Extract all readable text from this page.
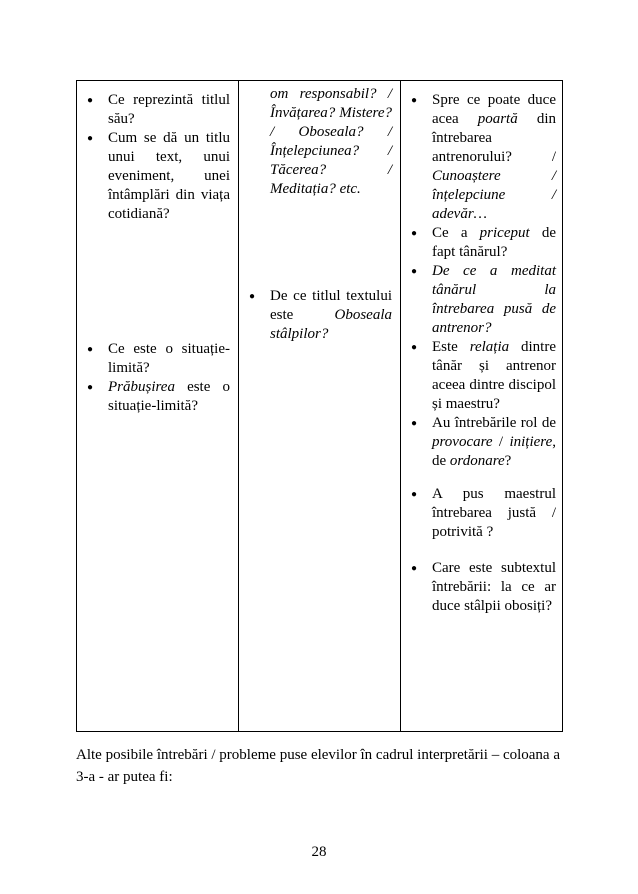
● Ce reprezintă titlul său?
● Cum se dă un titlu unui text, unui eveniment, unei întâmplări din viața cotidiană?
● Ce este o situație-limită?
● Prăbușirea este o situație-limită?
om responsabil? / Învățarea? Mistere? / Oboseala? / Înțelepciunea? / Tăcerea? / Meditația? etc.
● De ce titlul textului este Oboseala stâlpilor?
● Spre ce poate duce acea poartă din întrebarea antrenorului? / Cunoaștere / înțelepciune / adevăr…
● Ce a priceput de fapt tânărul?
● De ce a meditat tânărul la întrebarea pusă de antrenor?
● Este relația dintre tânăr și antrenor aceea dintre discipol și maestru?
● Au întrebările rol de provocare / inițiere, de ordonare?
● A pus maestrul întrebarea justă / potrivită ?
● Care este subtextul întrebării: la ce ar duce stâlpii obosiți?
Alte posibile întrebări / probleme puse elevilor în cadrul interpretării – coloana a 3-a - ar putea fi:
28
